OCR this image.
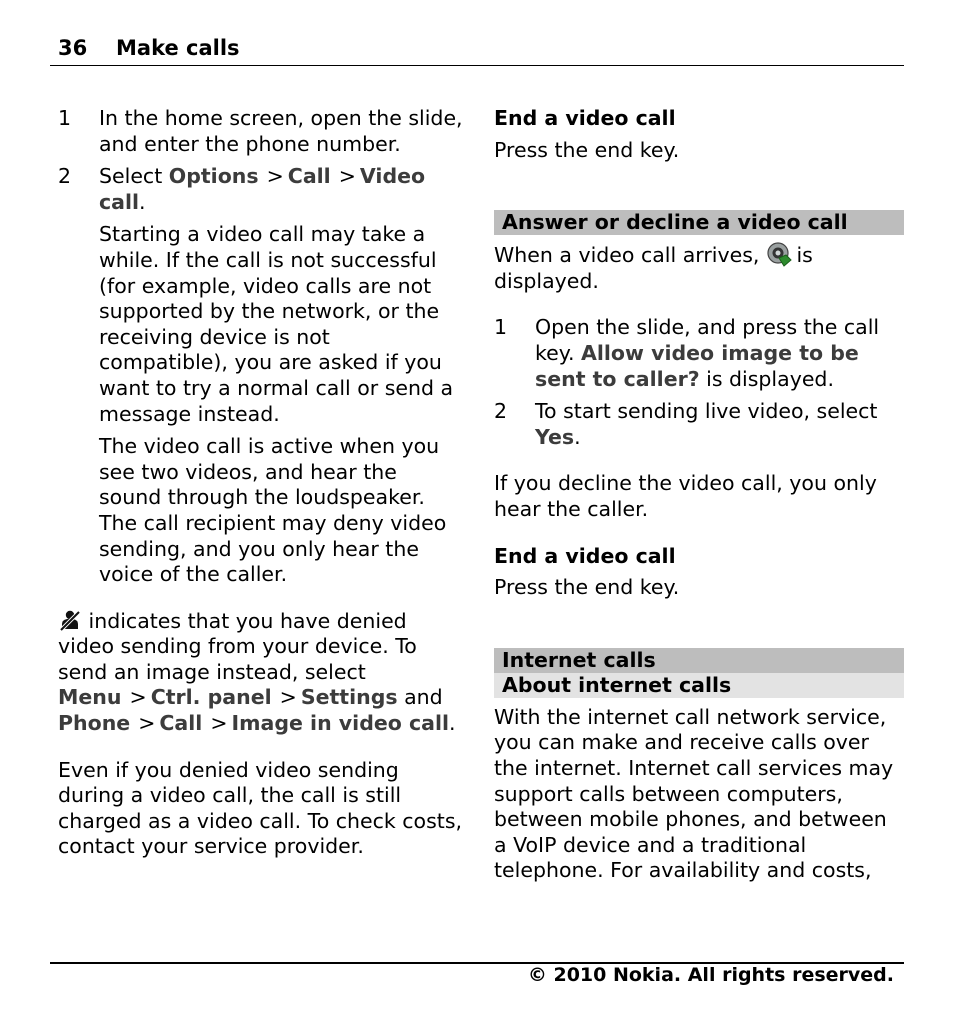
36 Make calls
1 In the home screen, open the slide, and enter the phone number.

2 Select Options > Call > Video call.

Starting a video call may take a while. If the call is not successful (for example, video calls are not supported by the network, or the receiving device is not compatible), you are asked if you want to try a normal call or send a message instead.

The video call is active when you see two videos, and hear the sound through the loudspeaker. The call recipient may deny video sending, and you only hear the voice of the caller.

indicates that you have denied video sending from your device. To send an image instead, select Menu > Ctrl. panel > Settings and Phone > Call > Image in video call.

Even if you denied video sending during a video call, the call is still charged as a video call. To check costs, contact your service provider.

End a video call

Press the end key.

Answer or decline a video call

When a video call arrives, is displayed.

1 Open the slide, and press the call key. Allow video image to be sent to caller? is displayed.

2 To start sending live video, select Yes.

If you decline the video call, you only hear the caller.

End a video call

Press the end key.

Internet calls

About internet calls

With the internet call network service, you can make and receive calls over the internet. Internet call services may support calls between computers, between mobile phones, and between a VoIP device and a traditional telephone. For availability and costs,

© 2010 Nokia. All rights reserved.
